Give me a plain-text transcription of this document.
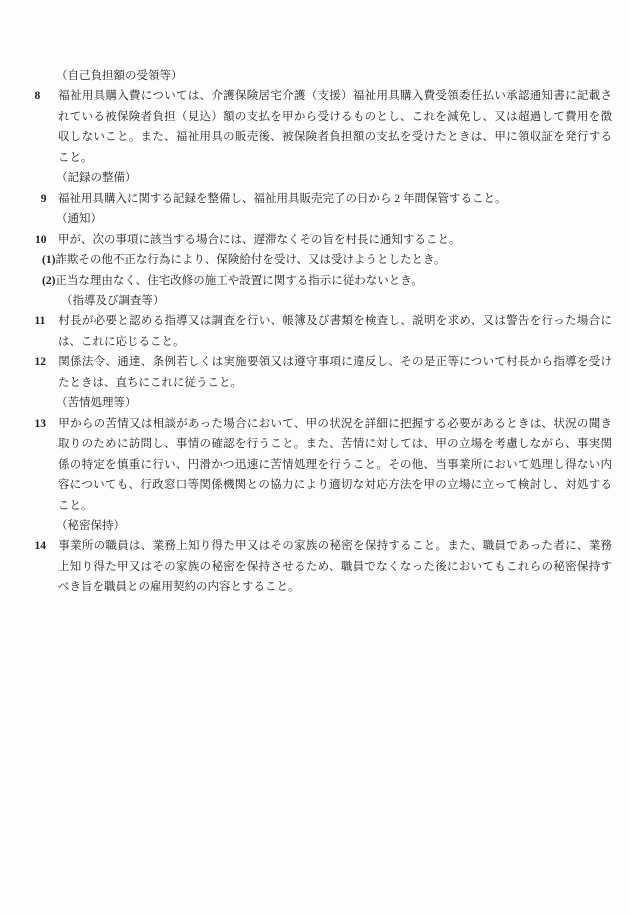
（自己負担額の受領等）
8 福祉用具購入費については、介護保険居宅介護（支援）福祉用具購入費受領委任払い承認通知書に記載さ
れている被保険者負担（見込）額の支払を甲から受けるものとし、これを減免し、又は超過して費用を徴
収しないこと。また、福祉用具の販売後、被保険者負担額の支払を受けたときは、甲に領収証を発行する
こと。
（記録の整備）
9 福祉用具購入に関する記録を整備し、福祉用具販売完了の日から 2 年間保管すること。
（通知）
10 甲が、次の事項に該当する場合には、遅滞なくその旨を村長に通知すること。
(1)詐欺その他不正な行為により、保険給付を受け、又は受けようとしたとき。
(2)正当な理由なく、住宅改修の施工や設置に関する指示に従わないとき。
（指導及び調査等）
11 村長が必要と認める指導又は調査を行い、帳簿及び書類を検査し、説明を求め、又は警告を行った場合に
は、これに応じること。
12 関係法令、通達、条例若しくは実施要領又は遵守事項に違反し、その是正等について村長から指導を受け
たときは、直ちにこれに従うこと。
（苦情処理等）
13 甲からの苦情又は相談があった場合において、甲の状況を詳細に把握する必要があるときは、状況の聞き
取りのために訪問し、事情の確認を行うこと。また、苦情に対しては、甲の立場を考慮しながら、事実関
係の特定を慎重に行い、円滑かつ迅速に苦情処理を行うこと。その他、当事業所において処理し得ない内
容についても、行政窓口等関係機関との協力により適切な対応方法を甲の立場に立って検討し、対処する
こと。
（秘密保持）
14 事業所の職員は、業務上知り得た甲又はその家族の秘密を保持すること。また、職員であった者に、業務
上知り得た甲又はその家族の秘密を保持させるため、職員でなくなった後においてもこれらの秘密保持す
べき旨を職員との雇用契約の内容とすること。
